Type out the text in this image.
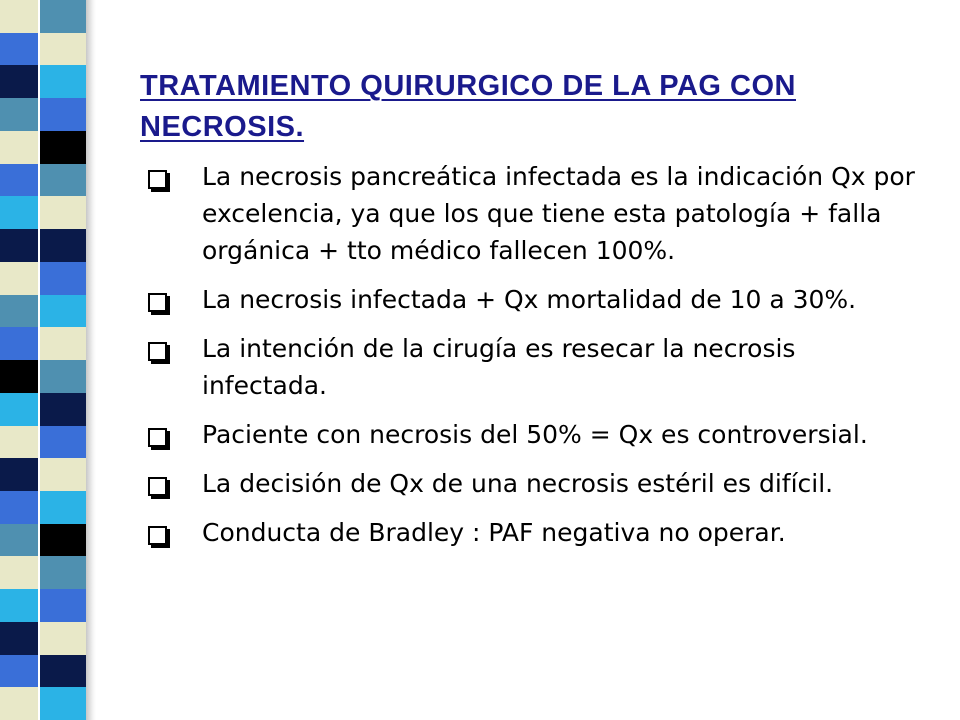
TRATAMIENTO QUIRURGICO DE LA PAG CON NECROSIS.
La necrosis pancreática infectada es la indicación Qx por excelencia, ya que los que tiene esta patología + falla orgánica + tto médico fallecen 100%.
La necrosis infectada + Qx mortalidad de 10 a 30%.
La intención de la cirugía es resecar la necrosis infectada.
Paciente con necrosis del 50% = Qx es controversial.
La decisión de Qx de una necrosis estéril es difícil.
Conducta de Bradley : PAF negativa no operar.
